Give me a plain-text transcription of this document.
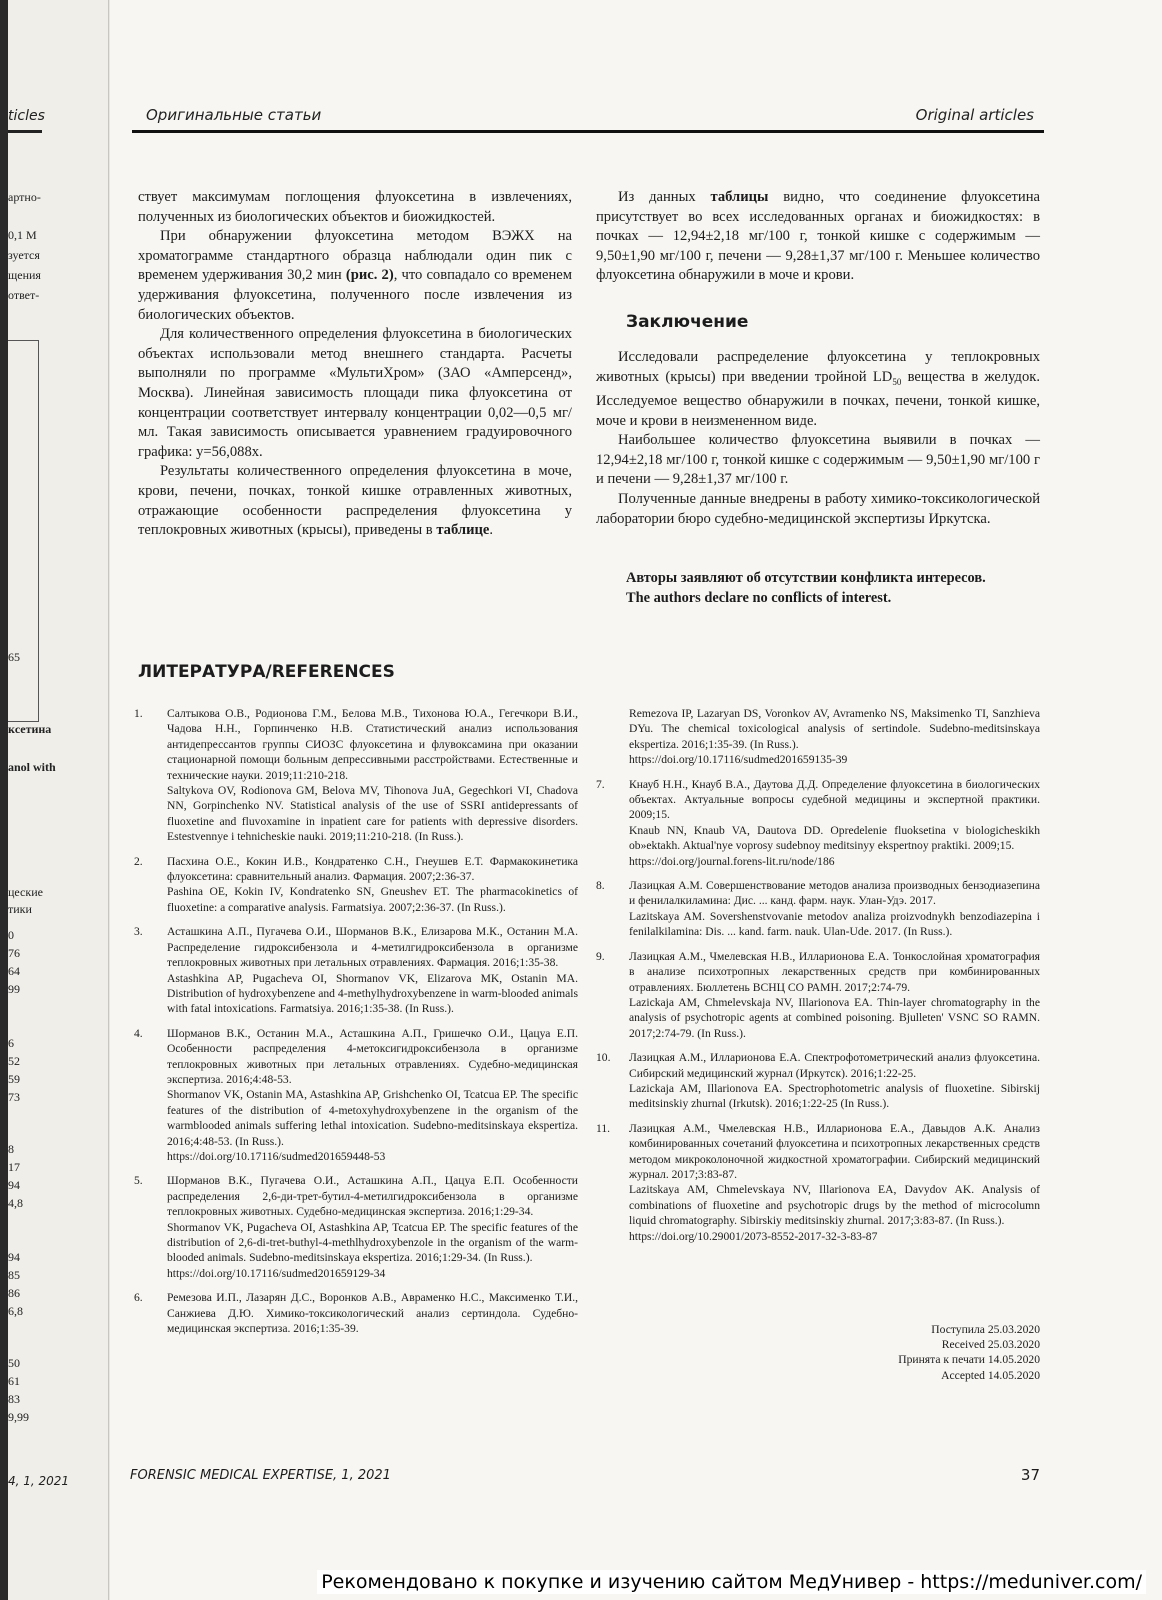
ticles
артно-
0,1 М
зуется
щения
ответ-
65
кcетина
anol with
цеские
тики
0
76
64
99
6
52
59
73
8
17
94
4,8
94
85
86
6,8
50
61
83
9,99
4, 1, 2021
Оригинальные статьи	Original articles

ствует максимумам поглощения флуоксетина в извлечениях, полученных из биологических объектов и биожидкостей.

При обнаружении флуоксетина методом ВЭЖХ на хроматограмме стандартного образца наблюдали один пик с временем удерживания 30,2 мин (рис. 2), что совпадало со временем удерживания флуоксетина, полученного после извлечения из биологических объектов.

Для количественного определения флуоксетина в биологических объектах использовали метод внешнего стандарта. Расчеты выполняли по программе «МультиХром» (ЗАО «Амперсенд», Москва). Линейная зависимость площади пика флуоксетина от концентрации соответствует интервалу концентрации 0,02—0,5 мг/мл. Такая зависимость описывается уравнением градуировочного графика: y=56,088x.

Результаты количественного определения флуоксетина в моче, крови, печени, почках, тонкой кишке отравленных животных, отражающие особенности распределения флуоксетина у теплокровных животных (крысы), приведены в таблице.

Из данных таблицы видно, что соединение флуоксетина присутствует во всех исследованных органах и биожидкостях: в почках — 12,94±2,18 мг/100 г, тонкой кишке с содержимым — 9,50±1,90 мг/100 г, печени — 9,28±1,37 мг/100 г. Меньшее количество флуоксетина обнаружили в моче и крови.

Заключение

Исследовали распределение флуоксетина у теплокровных животных (крысы) при введении тройной $LD_{50}$ вещества в желудок. Исследуемое вещество обнаружили в почках, печени, тонкой кишке, моче и крови в неизмененном виде.

Наибольшее количество флуоксетина выявили в почках — 12,94±2,18 мг/100 г, тонкой кишке с содержимым — 9,50±1,90 мг/100 г и печени — 9,28±1,37 мг/100 г.

Полученные данные внедрены в работу химико-токсикологической лаборатории бюро судебно-медицинской экспертизы Иркутска.

Авторы заявляют об отсутствии конфликта интересов.

The authors declare no conflicts of interest.

ЛИТЕРАТУРА/REFERENCES
1. Салтыкова О.В., Родионова Г.М., Белова М.В., Тихонова Ю.А., Гегечкори В.И., Чадова Н.Н., Горпинченко Н.В. Статистический анализ использования антидепрессантов группы СИОЗС флуоксетина и флувоксамина при оказании стационарной помощи больным депрессивными расстройствами. Естественные и технические науки. 2019;11:210-218.

Saltykova OV, Rodionova GM, Belova MV, Tihonova JuA, Gegechkori VI, Chadova NN, Gorpinchenko NV. Statistical analysis of the use of SSRI antidepressants of fluoxetine and fluvoxamine in inpatient care for patients with depressive disorders. Estestvennye i tehnicheskie nauki. 2019;11:210-218. (In Russ.).

2. Пасхина О.Е., Кокин И.В., Кондратенко С.Н., Гнеушев Е.Т. Фармакокинетика флуоксетина: сравнительный анализ. Фармация. 2007;2:36-37.

Pashina OE, Kokin IV, Kondratenko SN, Gneushev ET. The pharmacokinetics of fluoxetine: a comparative analysis. Farmatsiya. 2007;2:36-37. (In Russ.).

3. Асташкина А.П., Пугачева О.И., Шорманов В.К., Елизарова М.К., Останин М.А. Распределение гидроксибензола и 4-метилгидроксибензола в организме теплокровных животных при летальных отравлениях. Фармация. 2016;1:35-38.

Astashkina AP, Pugacheva OI, Shormanov VK, Elizarova MK, Ostanin MA. Distribution of hydroxybenzene and 4-methylhydroxybenzene in warm-blooded animals with fatal intoxications. Farmatsiya. 2016;1:35-38. (In Russ.).

4. Шорманов В.К., Останин М.А., Асташкина А.П., Гришечко О.И., Цацуа Е.П. Особенности распределения 4-метоксигидроксибензола в организме теплокровных животных при летальных отравлениях. Судебно-медицинская экспертиза. 2016;4:48-53.

Shormanov VK, Ostanin MA, Astashkina AP, Grishchenko OI, Tcatcua EP. The specific features of the distribution of 4-metoxyhydroxybenzene in the organism of the warmblooded animals suffering lethal intoxication. Sudebno-meditsinskaya ekspertiza. 2016;4:48-53. (In Russ.).

https://doi.org/10.17116/sudmed201659448-53

5. Шорманов В.К., Пугачева О.И., Асташкина А.П., Цацуа Е.П. Особенности распределения 2,6-ди-трет-бутил-4-метилгидроксибензола в организме теплокровных животных. Судебно-медицинская экспертиза. 2016;1:29-34.

Shormanov VK, Pugacheva OI, Astashkina AP, Tcatcua EP. The specific features of the distribution of 2,6-di-tret-buthyl-4-methlhydroxybenzole in the organism of the warm-blooded animals. Sudebno-meditsinskaya ekspertiza. 2016;1:29-34. (In Russ.).

https://doi.org/10.17116/sudmed201659129-34

6. Ремезова И.П., Лазарян Д.С., Воронков А.В., Авраменко Н.С., Максименко Т.И., Санжиева Д.Ю. Химико-токсикологический анализ сертиндола. Судебно-медицинская экспертиза. 2016;1:35-39.

Remezova IP, Lazaryan DS, Voronkov AV, Avramenko NS, Maksimenko TI, Sanzhieva DYu. The chemical toxicological analysis of sertindole. Sudebno-meditsinskaya ekspertiza. 2016;1:35-39. (In Russ.).

https://doi.org/10.17116/sudmed201659135-39

7. Кнауб Н.Н., Кнауб В.А., Даутова Д.Д. Определение флуоксетина в биологических объектах. Актуальные вопросы судебной медицины и экспертной практики. 2009;15.

Knaub NN, Knaub VA, Dautova DD. Opredelenie fluoksetina v biologicheskikh ob»ektakh. Aktual'nye voprosy sudebnoy meditsinyy ekspertnoy praktiki. 2009;15.

https://doi.org/journal.forens-lit.ru/node/186

8. Лазицкая А.М. Совершенствование методов анализа производных бензодиазепина и фенилалкиламина: Дис. ... канд. фарм. наук. Улан-Удэ. 2017.

Lazitskaya AM. Sovershenstvovanie metodov analiza proizvodnykh benzodiazepina i fenilalkilamina: Dis. ... kand. farm. nauk. Ulan-Ude. 2017. (In Russ.).

9. Лазицкая А.М., Чмелевская Н.В., Илларионова Е.А. Тонкослойная хроматография в анализе психотропных лекарственных средств при комбинированных отравлениях. Бюллетень ВСНЦ СО РАМН. 2017;2:74-79.

Lazickaja AM, Chmelevskaja NV, Illarionova EA. Thin-layer chromatography in the analysis of psychotropic agents at combined poisoning. Bjulleten' VSNC SO RAMN. 2017;2:74-79. (In Russ.).

10. Лазицкая А.М., Илларионова Е.А. Спектрофотометрический анализ флуоксетина. Сибирский медицинский журнал (Иркутск). 2016;1:22-25.

Lazickaja AM, Illarionova EA. Spectrophotometric analysis of fluoxetine. Sibirskij meditsinskiy zhurnal (Irkutsk). 2016;1:22-25 (In Russ.).

11. Лазицкая А.М., Чмелевская Н.В., Илларионова Е.А., Давыдов А.К. Анализ комбинированных сочетаний флуоксетина и психотропных лекарственных средств методом микроколоночной жидкостной хроматографии. Сибирский медицинский журнал. 2017;3:83-87.

Lazitskaya AM, Chmelevskaya NV, Illarionova EA, Davydov AK. Analysis of combinations of fluoxetine and psychotropic drugs by the method of microcolumn liquid chromatography. Sibirskiy meditsinskiy zhurnal. 2017;3:83-87. (In Russ.).

https://doi.org/10.29001/2073-8552-2017-32-3-83-87

Поступила 25.03.2020
Received 25.03.2020
Принята к печати 14.05.2020
Accepted 14.05.2020
FORENSIC MEDICAL EXPERTISE, 1, 2021	37
Рекомендовано к покупке и изучению сайтом МедУнивер - https://meduniver.com/
